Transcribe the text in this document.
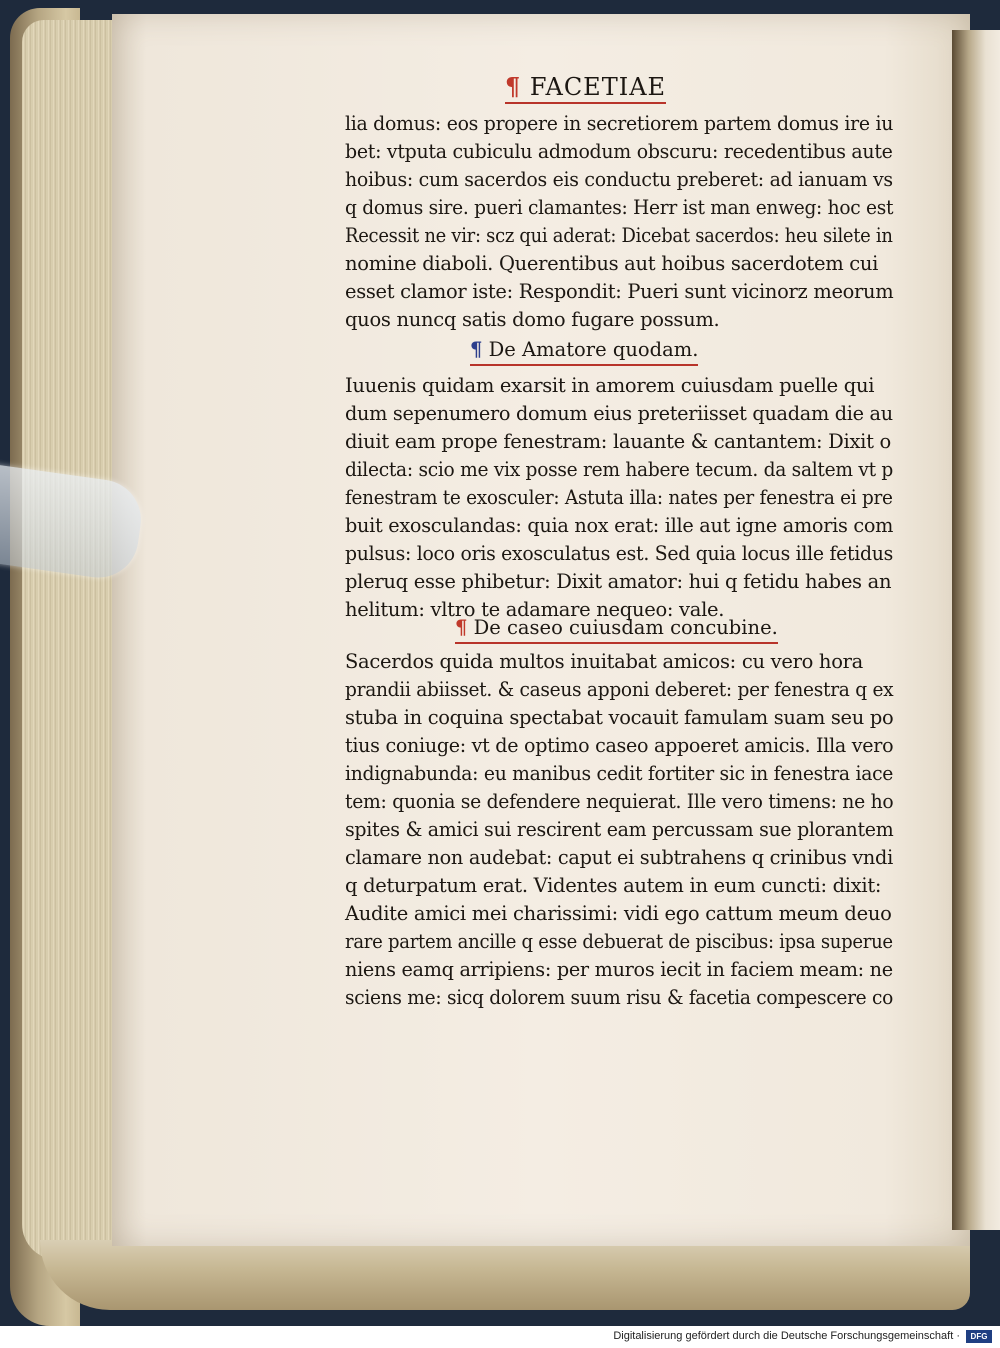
¶ FACETIAE
lia domus: eos propere in secretiorem partem domus ire iu
bet: vtputa cubiculu admodum obscuru: recedentibus aute
hoibus: cum sacerdos eis conductu preberet: ad ianuam vs
q domus sire. pueri clamantes: Herr ist man enweg: hoc est
Recessit ne vir: scz qui aderat: Dicebat sacerdos: heu silete in
nomine diaboli. Querentibus aut hoibus sacerdotem cui
esset clamor iste: Respondit: Pueri sunt vicinorz meorum
quos nuncq satis domo fugare possum.
¶ De Amatore quodam.
Iuuenis quidam exarsit in amorem cuiusdam puelle qui
dum sepenumero domum eius preteriisset quadam die au
diuit eam prope fenestram: lauante & cantantem: Dixit o
dilecta: scio me vix posse rem habere tecum. da saltem vt p
fenestram te exosculer: Astuta illa: nates per fenestra ei pre
buit exosculandas: quia nox erat: ille aut igne amoris com
pulsus: loco oris exosculatus est. Sed quia locus ille fetidus
pleruq esse phibetur: Dixit amator: hui q fetidu habes an
helitum: vltro te adamare nequeo: vale.
¶ De caseo cuiusdam concubine.
Sacerdos quida multos inuitabat amicos: cu vero hora
prandii abiisset. & caseus apponi deberet: per fenestra q ex
stuba in coquina spectabat vocauit famulam suam seu po
tius coniuge: vt de optimo caseo appoeret amicis. Illa vero
indignabunda: eu manibus cedit fortiter sic in fenestra iace
tem: quonia se defendere nequierat. Ille vero timens: ne ho
spites & amici sui rescirent eam percussam sue plorantem
clamare non audebat: caput ei subtrahens q crinibus vndi
q deturpatum erat. Videntes autem in eum cuncti: dixit:
Audite amici mei charissimi: vidi ego cattum meum deuo
rare partem ancille q esse debuerat de piscibus: ipsa superue
niens eamq arripiens: per muros iecit in faciem meam: ne
sciens me: sicq dolorem suum risu & facetia compescere co
Digitalisierung gefördert durch die Deutsche Forschungsgemeinschaft ·	DFG
